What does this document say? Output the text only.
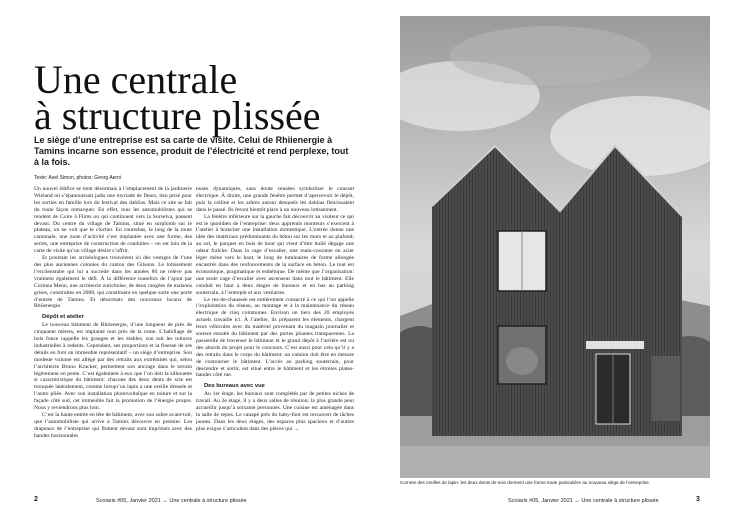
Une centrale
à structure plissée

Le siège d’une entreprise est sa carte de visite. Celui de Rhiienergie à Tamins incarne son essence, produit de l’électricité et rend perplexe, tout à la fois.

Texte: Axel Simon, photos: Georg Aerni

Un nouvel édifice se tient désormais à l’emplacement de la jardinerie Wieland où s’épanouissait jadis une myriade de fleurs, lieu prisé pour les sorties en famille lors du festival des dahlias. Mais ce site se fait du toute façon remarquer. En effet, tous les automobilistes qui se rendent de Coire à Flims ou qui continuent vers la Surselva, passent devant. Du centre du village de Tamins, situé en surplomb sur le plateau, on ne voit que le clocher. En contrebas, le long de la route cantonale, une zone d’activité s’est implantée avec une forme, des serres, une entreprise de construction de conduites – on est loin de la carte de visite qu’un village désire s’offrir.

Et pourtant les archéologues trouvèrent ici des vestiges de l’une des plus anciennes colonies du canton des Grisons. Le lotissement l’ercilenstube qui lui a succédé dans les années 80 ne relève pas vraiment également le défi. À la différence toutefois de l’ajout par Corinna Menn, une architecte zurichoise, de deux rangées de maisons grises, construites en 2008, qui constituent en quelque sorte une porte d’entrée de Tamins. Et désormais des nouveaux locaux de Rhiienergie.

Dépôt et atelier

Le nouveau bâtiment de Rhiienergie, d’une longueur de près de cinquante mètres, est implanté tout près de la route. L’habillage de bois fonce rappelle les granges et les étables, son toit les toitures industrielles à redents. Cependant, ses proportions et la finesse de ses détails en font un immeuble représentatif – un siège d’entreprise. Son modeste volume est allégé par des retraits aux extrémités qui, selon l’architecte Bruno Krucker, permettent son ancrage dans le terrain légèrement en pente. C’est également à eux que l’on doit la silhouette si caractéristique du bâtiment: chacune des deux dents de scie est tronquée latéralement, comme lorsqu’un lapin a une oreille dressée et l’autre pliée. Avec son installation photovoltaïque en toiture et sur la façade côté sud, cet immeuble fait la promotion de l’énergie propre. Nous y reviendrons plus loin.

C’est la haute entrée en tête de bâtiment, avec son sobre avant-toit, que l’automobiliste qui arrive à Tamins découvre en premier. Les drapeaux de l’entreprise qui flottent devant sont imprimés avec des bandes horizontales

nuses dynamiques, sans doute censées symboliser le courant électrique. À droite, une grande fenêtre permet d’apercevoir le dépôt, puis la colline et les arbres autour desquels les dahlias fleurissaient dans le passé. Ils feront bientôt place à un nouveau lotissement.

La fenêtre inférieure sur la gauche fait découvrir au visiteur ce qui est le quotidien de l’entreprise: deux apprentis monteurs s’exercent à l’atelier à brancher une installation domestique. L’entrée donne une idée des matériaux prédominants du béton sur les murs et au plafond; au sol, le parquet en bois de bout qui vient d’être huilé dégage une odeur fraîche. Dans la cage d’escalier, une main-courante en acier léger mène vers le haut, le long de luminaires de forme allongée encastrés dans des renfoncements de la surface en béton. Le tout est économique, pragmatique et esthétique. De même que l’organisation: une seule cage d’escalier avec ascenseur dans tout le bâtiment. Elle conduit en haut à deux étages de bureaux et en bas au parking souterrain, à l’entrepôt et aux vestiaires.

Le rez-de-chaussée est entièrement consacré à ce qui l’on appelle l’exploitation du réseau, au montage et à la maintenance du réseau électrique de cinq communes. Environ un tiers des 20 employés actuels travaille ici. À l’atelier, ils préparent les éléments, chargent leurs véhicules avec du matériel provenant du magasin journalier et sortent ensuite du bâtiment par des portes pliantes transparentes. La passerelle de traverser le bâtiment et le grand dépôt à l’arrière est ou des abords du projet pour le concours. C’est aussi pour cela qu’il y a des retraits dans le corps du bâtiment: un camion doit être en mesure de contourner le bâtiment. L’accès au parking souterrain, pour descendre et sortir, est situé entre le bâtiment et les étroites plates-bandes côté rue.

Des bureaux avec vue

Au 1er étage, les bureaux sont complétés par de petites niches de travail. Au 2e étage, il y a deux salles de réunion; la plus grande peut accueillir jusqu’à soixante personnes. Une cuisine est aménagée dans la salle de repos. Le canapé près du baby-foot est recouvert de tâches jaunes. Dans les deux étages, des espaces plus spacieux et d’autres plus exigus s’articulent dans des pièces qui →

2	Scoiaris #05, Janvier 2021 ↔ Une centrale à structure plissée
Comme des oreilles de lapin: les deux dents de scie donnent une forme toute particulière au nouveau siège de l’entreprise.
Scoiaris #05, Janvier 2021 ↔ Une centrale à structure plissée	3
